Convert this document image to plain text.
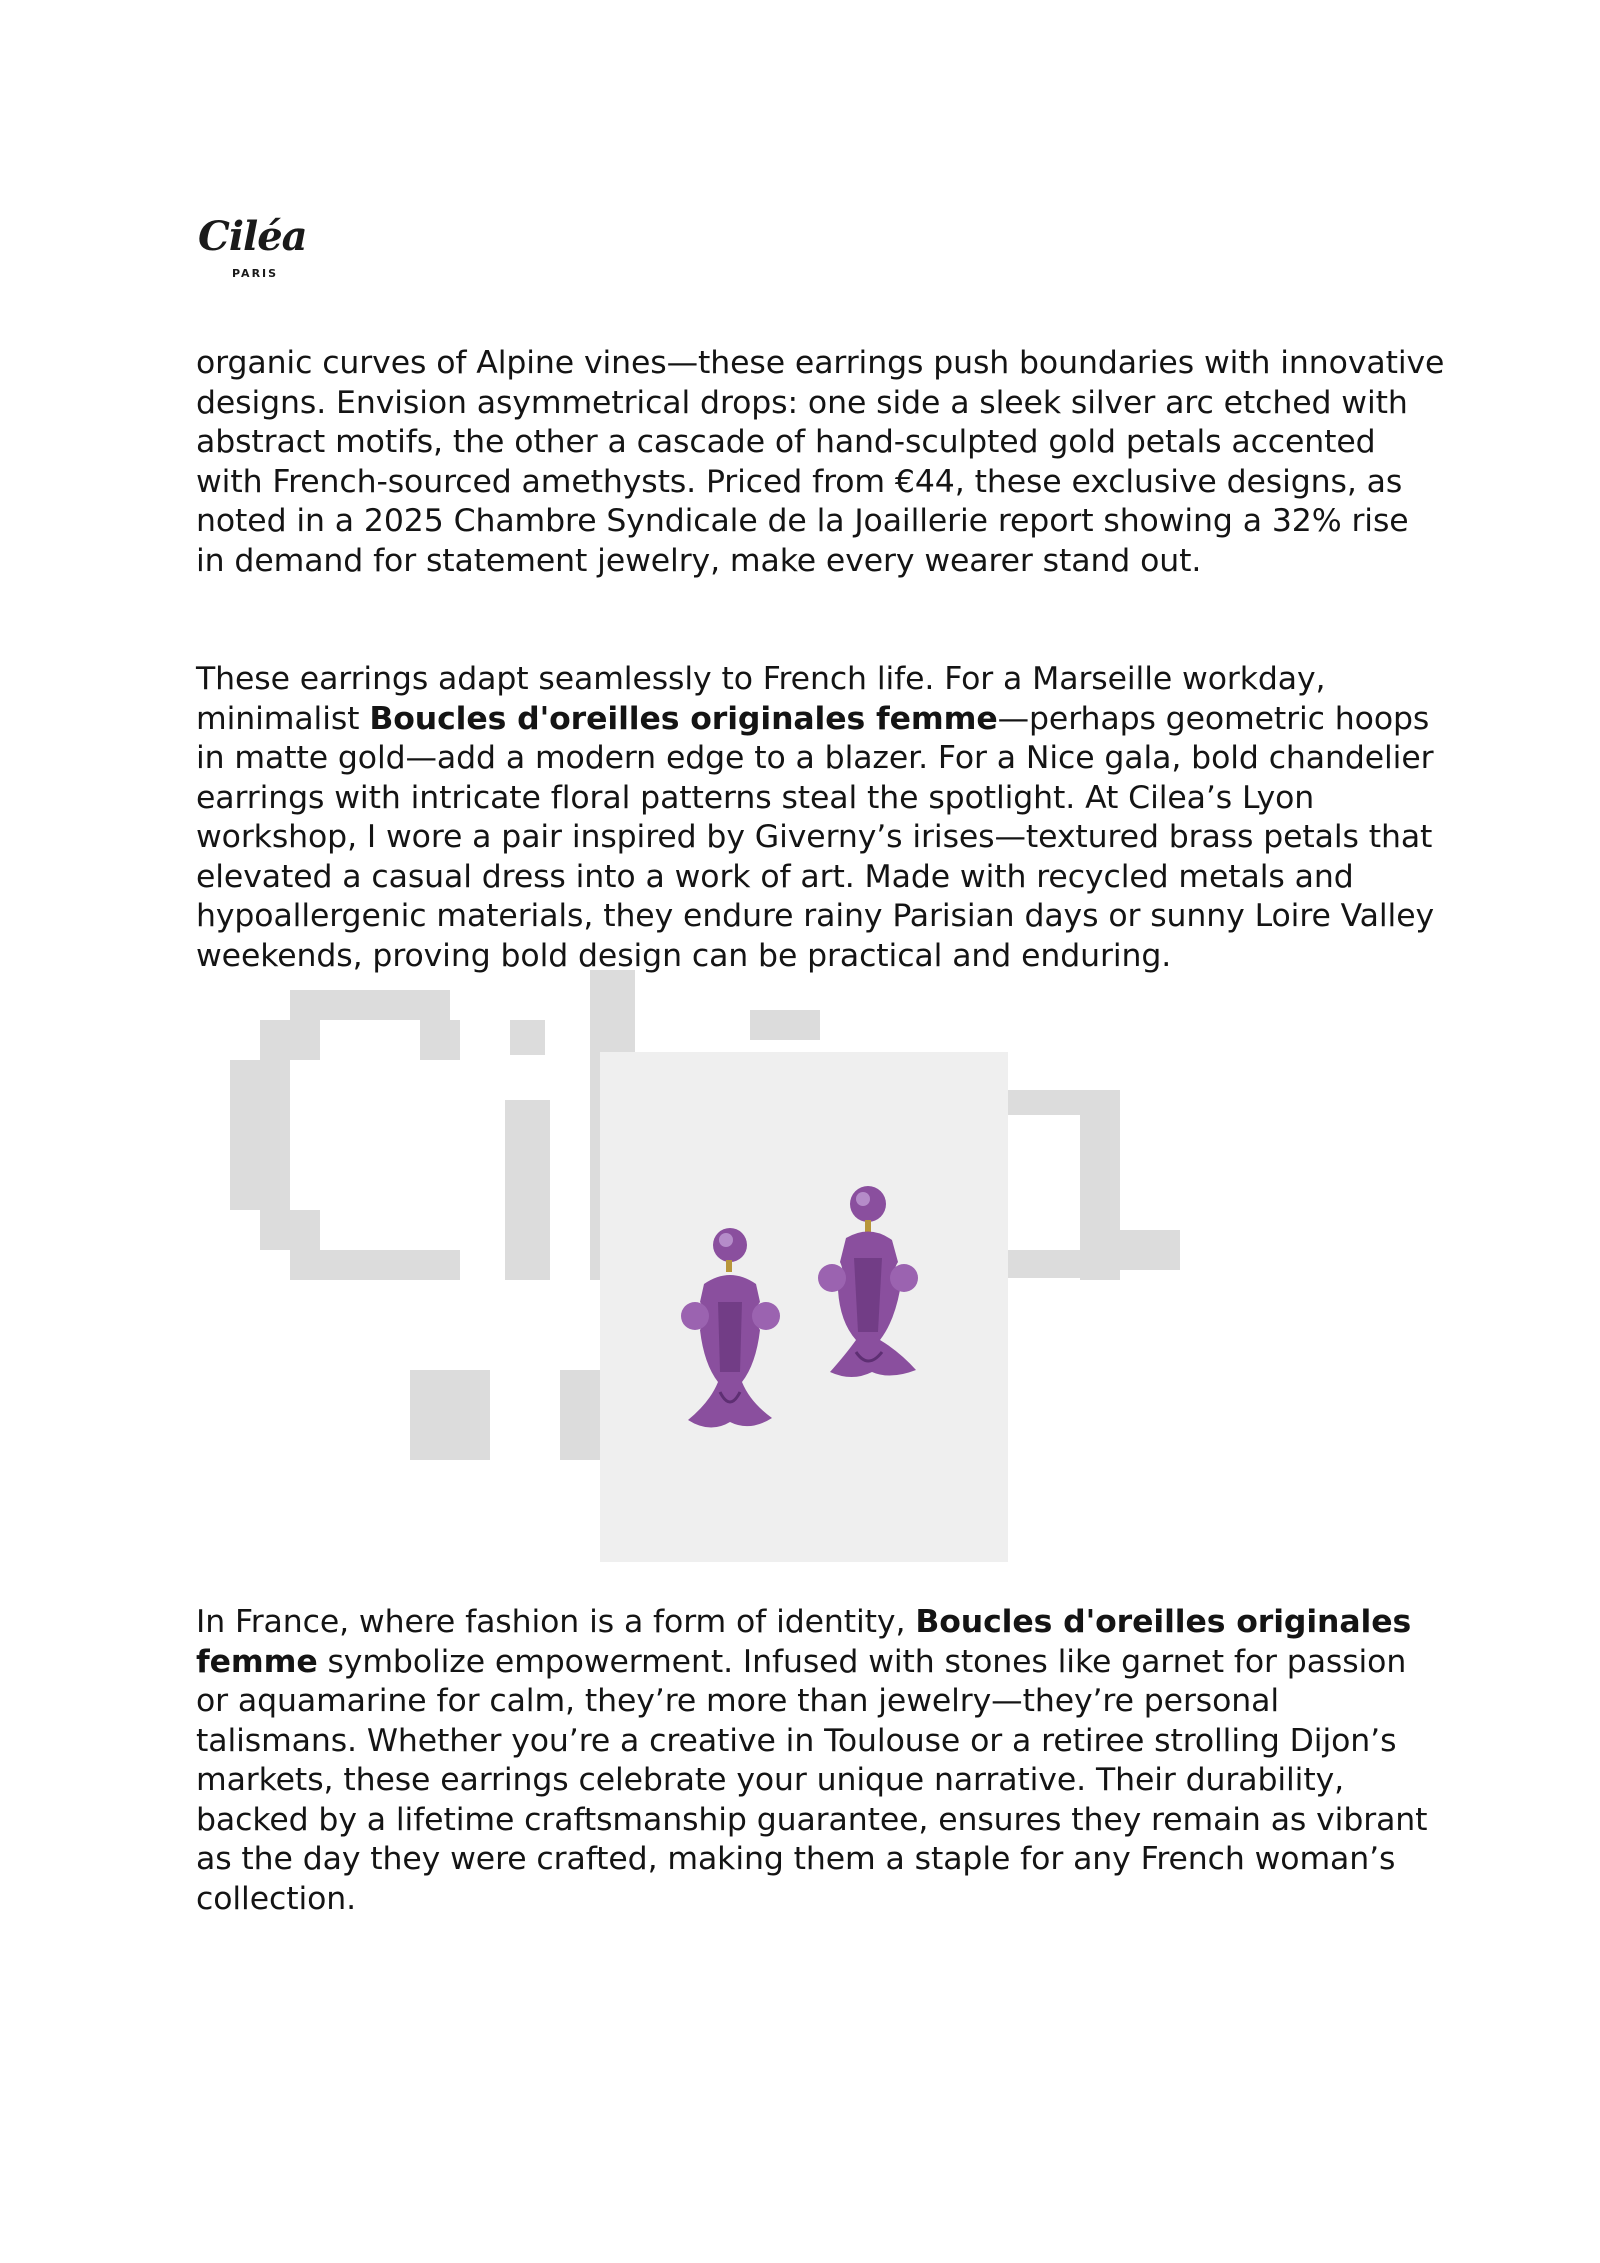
Ciléa
PARIS

organic curves of Alpine vines—these earrings push boundaries with innovative designs. Envision asymmetrical drops: one side a sleek silver arc etched with abstract motifs, the other a cascade of hand-sculpted gold petals accented with French-sourced amethysts. Priced from €44, these exclusive designs, as noted in a 2025 Chambre Syndicale de la Joaillerie report showing a 32% rise in demand for statement jewelry, make every wearer stand out.

These earrings adapt seamlessly to French life. For a Marseille workday, minimalist Boucles d'oreilles originales femme—perhaps geometric hoops in matte gold—add a modern edge to a blazer. For a Nice gala, bold chandelier earrings with intricate floral patterns steal the spotlight. At Cilea’s Lyon workshop, I wore a pair inspired by Giverny’s irises—textured brass petals that elevated a casual dress into a work of art. Made with recycled metals and hypoallergenic materials, they endure rainy Parisian days or sunny Loire Valley weekends, proving bold design can be practical and enduring.

In France, where fashion is a form of identity, Boucles d'oreilles originales femme symbolize empowerment. Infused with stones like garnet for passion or aquamarine for calm, they’re more than jewelry—they’re personal talismans. Whether you’re a creative in Toulouse or a retiree strolling Dijon’s markets, these earrings celebrate your unique narrative. Their durability, backed by a lifetime craftsmanship guarantee, ensures they remain as vibrant as the day they were crafted, making them a staple for any French woman’s collection.
